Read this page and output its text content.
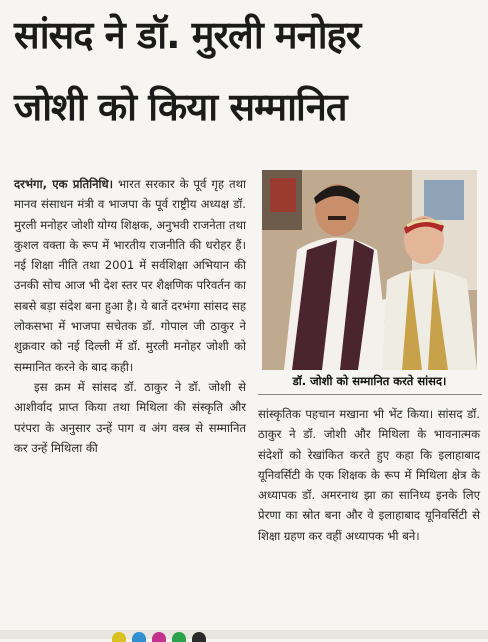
सांसद ने डॉ. मुरली मनोहर
जोशी को किया सम्मानित

दरभंगा, एक प्रतिनिधि। भारत सरकार के पूर्व गृह तथा मानव संसाधन मंत्री व भाजपा के पूर्व राष्ट्रीय अध्यक्ष डॉ. मुरली मनोहर जोशी योग्य शिक्षक, अनुभवी राजनेता तथा कुशल वक्ता के रूप में भारतीय राजनीति की धरोहर हैं। नई शिक्षा नीति तथा 2001 में सर्वशिक्षा अभियान की उनकी सोच आज भी देश स्तर पर शैक्षणिक परिवर्तन का सबसे बड़ा संदेश बना हुआ है। ये बातें दरभंगा सांसद सह लोकसभा में भाजपा सचेतक डॉ. गोपाल जी ठाकुर ने शुक्रवार को नई दिल्ली में डॉ. मुरली मनोहर जोशी को सम्मानित करने के बाद कही।

इस क्रम में सांसद डॉ. ठाकुर ने डॉ. जोशी से आशीर्वाद प्राप्त किया तथा मिथिला की संस्कृति और परंपरा के अनुसार उन्हें पाग व अंग वस्त्र से सम्मानित कर उन्हें मिथिला की

डॉ. जोशी को सम्मानित करते सांसद।

सांस्कृतिक पहचान मखाना भी भेंट किया। सांसद डॉ. ठाकुर ने डॉ. जोशी और मिथिला के भावनात्मक संदेशों को रेखांकित करते हुए कहा कि इलाहाबाद यूनिवर्सिटी के एक शिक्षक के रूप में मिथिला क्षेत्र के अध्यापक डॉ. अमरनाथ झा का सानिध्य इनके लिए प्रेरणा का स्रोत बना और वे इलाहाबाद यूनिवर्सिटी से शिक्षा ग्रहण कर वहीं अध्यापक भी बने।
